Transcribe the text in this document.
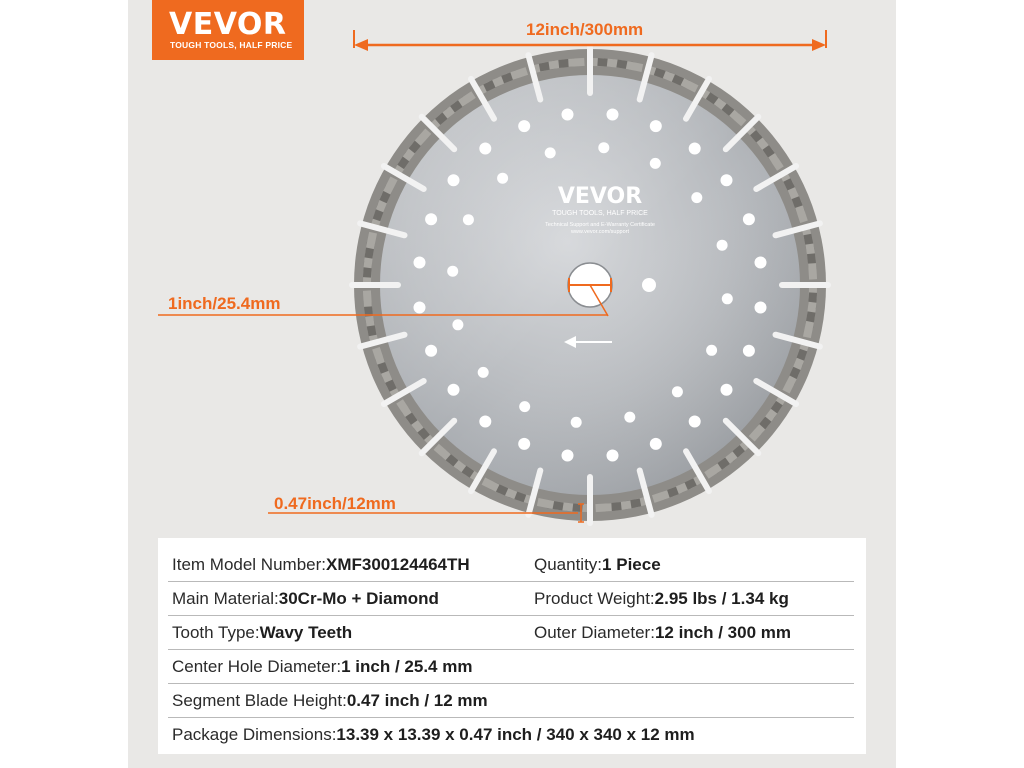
VEVOR
TOUGH TOOLS, HALF PRICE
VEVOR
TOUGH TOOLS, HALF PRICE
Technical Support and E-Warranty Certificate
www.vevor.com/support
12inch/300mm
1inch/25.4mm
0.47inch/12mm
Item Model Number: XMF300124464TH	Quantity: 1 Piece
Main Material: 30Cr-Mo + Diamond	Product Weight: 2.95 lbs / 1.34 kg
Tooth Type: Wavy Teeth	Outer Diameter: 12 inch / 300 mm
Center Hole Diameter: 1 inch / 25.4 mm
Segment Blade Height: 0.47 inch / 12 mm
Package Dimensions: 13.39 x 13.39 x 0.47 inch / 340 x 340 x 12 mm
